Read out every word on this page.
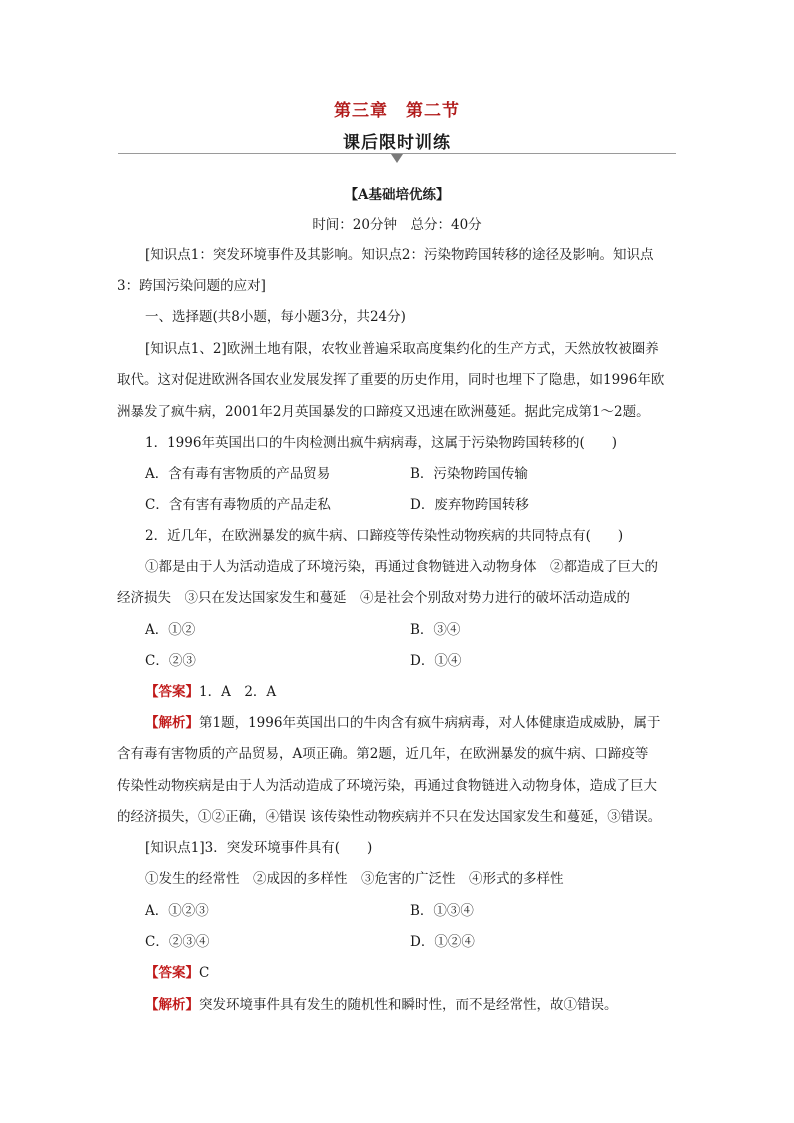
第三章　第二节
课后限时训练
【A基础培优练】
时间：20分钟　总分：40分
[知识点1：突发环境事件及其影响。知识点2：污染物跨国转移的途径及影响。知识点
3：跨国污染问题的应对]
一、选择题(共8小题，每小题3分，共24分)
[知识点1、2]欧洲土地有限，农牧业普遍采取高度集约化的生产方式，天然放牧被圈养
取代。这对促进欧洲各国农业发展发挥了重要的历史作用，同时也埋下了隐患，如1996年欧
洲暴发了疯牛病，2001年2月英国暴发的口蹄疫又迅速在欧洲蔓延。据此完成第1～2题。
1．1996年英国出口的牛肉检测出疯牛病病毒，这属于污染物跨国转移的(　　)
A．含有毒有害物质的产品贸易	B．污染物跨国传输
C．含有害有毒物质的产品走私	D．废弃物跨国转移
2．近几年，在欧洲暴发的疯牛病、口蹄疫等传染性动物疾病的共同特点有(　　)
①都是由于人为活动造成了环境污染，再通过食物链进入动物身体　②都造成了巨大的
经济损失　③只在发达国家发生和蔓延　④是社会个别敌对势力进行的破坏活动造成的
A．①②	B．③④
C．②③	D．①④
【答案】1．A　2．A
【解析】第1题，1996年英国出口的牛肉含有疯牛病病毒，对人体健康造成威胁，属于
含有毒有害物质的产品贸易，A项正确。第2题，近几年，在欧洲暴发的疯牛病、口蹄疫等
传染性动物疾病是由于人为活动造成了环境污染，再通过食物链进入动物身体，造成了巨大
的经济损失，①②正确，④错误 该传染性动物疾病并不只在发达国家发生和蔓延，③错误。
[知识点1]3．突发环境事件具有(　　)
①发生的经常性　②成因的多样性　③危害的广泛性　④形式的多样性
A．①②③	B．①③④
C．②③④	D．①②④
【答案】C
【解析】突发环境事件具有发生的随机性和瞬时性，而不是经常性，故①错误。
